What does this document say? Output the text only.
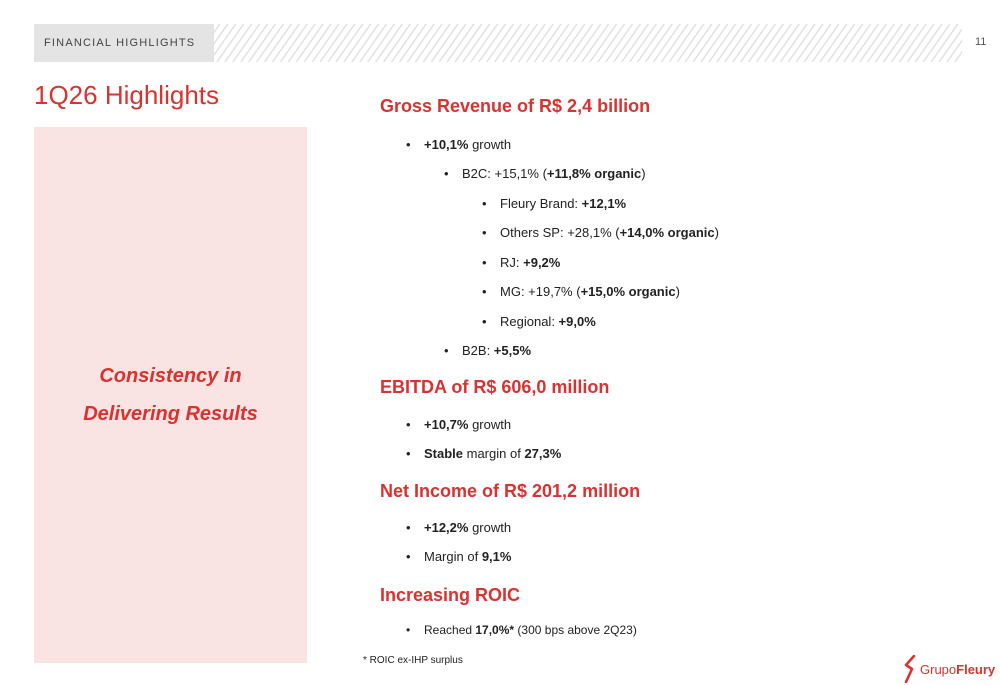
FINANCIAL HIGHLIGHTS	11
1Q26 Highlights
Consistency in
Delivering Results
Gross Revenue of R$ 2,4 billion
• +10,1% growth
• B2C: +15,1% (+11,8% organic)
• Fleury Brand: +12,1%
• Others SP: +28,1% (+14,0% organic)
• RJ: +9,2%
• MG: +19,7% (+15,0% organic)
• Regional: +9,0%
• B2B: +5,5%
EBITDA of R$ 606,0 million
• +10,7% growth
• Stable margin of 27,3%
Net Income of R$ 201,2 million
• +12,2% growth
• Margin of 9,1%
Increasing ROIC
• Reached 17,0%* (300 bps above 2Q23)
* ROIC ex-IHP surplus
GrupoFleury
